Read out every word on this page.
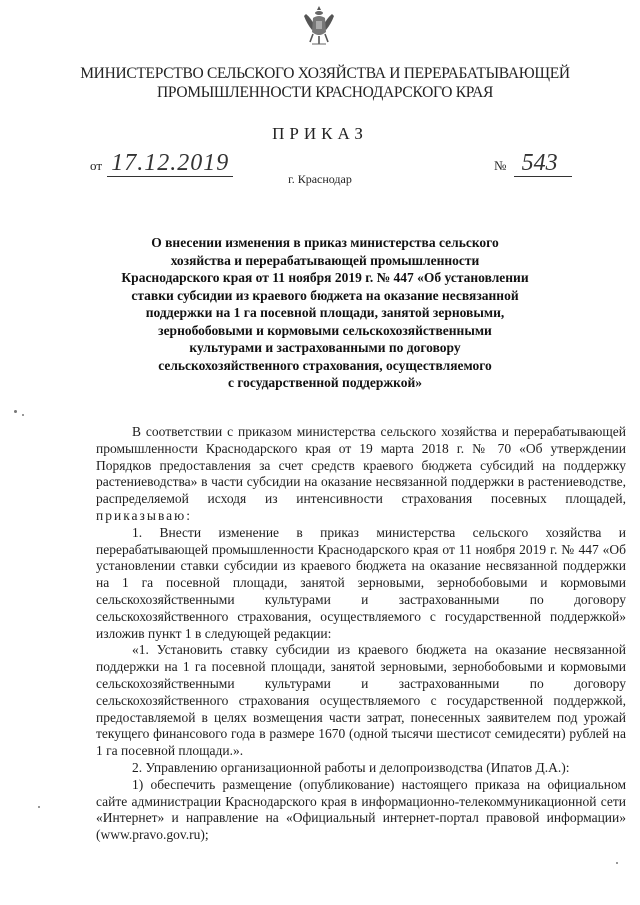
МИНИСТЕРСТВО СЕЛЬСКОГО ХОЗЯЙСТВА И ПЕРЕРАБАТЫВАЮЩЕЙ
ПРОМЫШЛЕННОСТИ КРАСНОДАРСКОГО КРАЯ
ПРИКАЗ
от 17.12.2019	№ 543
г. Краснодар
О внесении изменения в приказ министерства сельского
хозяйства и перерабатывающей промышленности
Краснодарского края от 11 ноября 2019 г. № 447 «Об установлении
ставки субсидии из краевого бюджета на оказание несвязанной
поддержки на 1 га посевной площади, занятой зерновыми,
зернобобовыми и кормовыми сельскохозяйственными
культурами и застрахованными по договору
сельскохозяйственного страхования, осуществляемого
с государственной поддержкой»

В соответствии с приказом министерства сельского хозяйства и перерабатывающей промышленности Краснодарского края от 19 марта 2018 г. № 70 «Об утверждении Порядков предоставления за счет средств краевого бюджета субсидий на поддержку растениеводства» в части субсидии на оказание несвязанной поддержки в растениеводстве, распределяемой исходя из интенсивности страхования посевных площадей, приказываю:

1. Внести изменение в приказ министерства сельского хозяйства и перерабатывающей промышленности Краснодарского края от 11 ноября 2019 г. № 447 «Об установлении ставки субсидии из краевого бюджета на оказание несвязанной поддержки на 1 га посевной площади, занятой зерновыми, зернобобовыми и кормовыми сельскохозяйственными культурами и застрахованными по договору сельскохозяйственного страхования, осуществляемого с государственной поддержкой» изложив пункт 1 в следующей редакции:

«1. Установить ставку субсидии из краевого бюджета на оказание несвязанной поддержки на 1 га посевной площади, занятой зерновыми, зернобобовыми и кормовыми сельскохозяйственными культурами и застрахованными по договору сельскохозяйственного страхования осуществляемого с государственной поддержкой, предоставляемой в целях возмещения части затрат, понесенных заявителем под урожай текущего финансового года в размере 1670 (одной тысячи шестисот семидесяти) рублей на 1 га посевной площади.».

2. Управлению организационной работы и делопроизводства (Ипатов Д.А.):

1) обеспечить размещение (опубликование) настоящего приказа на официальном сайте администрации Краснодарского края в информационно-телекоммуникационной сети «Интернет» и направление на «Официальный интернет-портал правовой информации» (www.pravo.gov.ru);
